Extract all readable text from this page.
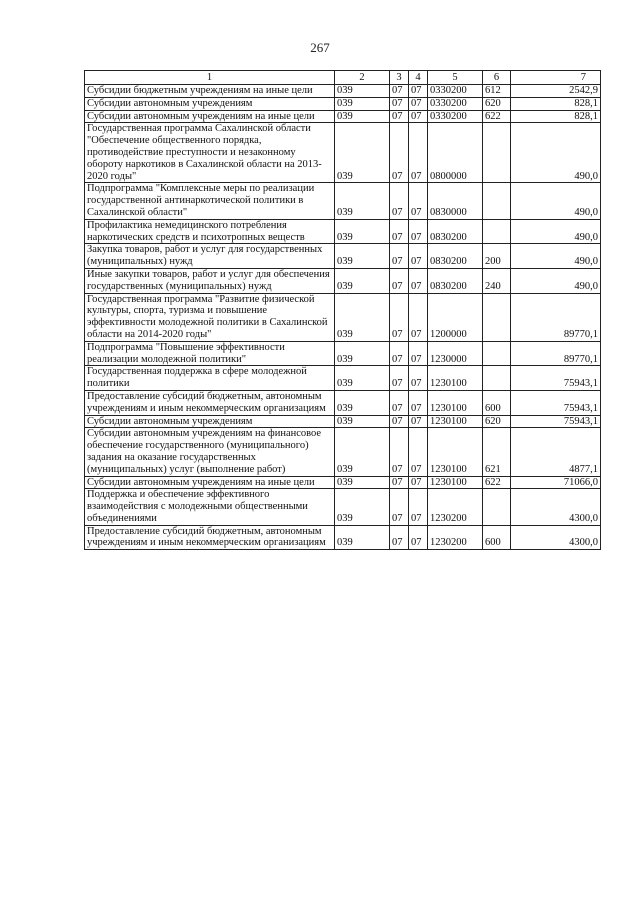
267
1	2	3	4	5	6	7
Субсидии бюджетным учреждениям на иные цели	039	07	07	0330200	612	2542,9
Субсидии автономным учреждениям	039	07	07	0330200	620	828,1
Субсидии автономным учреждениям на иные цели	039	07	07	0330200	622	828,1
Государственная программа Сахалинской области "Обеспечение общественного порядка, противодействие преступности и незаконному обороту наркотиков в Сахалинской области на 2013-2020 годы"	039	07	07	0800000		490,0
Подпрограмма "Комплексные меры по реализации государственной антинаркотической политики в Сахалинской области"	039	07	07	0830000		490,0
Профилактика немедицинского потребления наркотических средств и психотропных веществ	039	07	07	0830200		490,0
Закупка товаров, работ и услуг для государственных (муниципальных) нужд	039	07	07	0830200	200	490,0
Иные закупки товаров, работ и услуг для обеспечения государственных (муниципальных) нужд	039	07	07	0830200	240	490,0
Государственная программа "Развитие физической культуры, спорта, туризма и повышение эффективности молодежной политики в Сахалинской области на 2014-2020 годы"	039	07	07	1200000		89770,1
Подпрограмма "Повышение эффективности реализации молодежной политики"	039	07	07	1230000		89770,1
Государственная поддержка в сфере молодежной политики	039	07	07	1230100		75943,1
Предоставление субсидий бюджетным, автономным учреждениям и иным некоммерческим организациям	039	07	07	1230100	600	75943,1
Субсидии автономным учреждениям	039	07	07	1230100	620	75943,1
Субсидии автономным учреждениям на финансовое обеспечение государственного (муниципального) задания на оказание государственных (муниципальных) услуг (выполнение работ)	039	07	07	1230100	621	4877,1
Субсидии автономным учреждениям на иные цели	039	07	07	1230100	622	71066,0
Поддержка и обеспечение эффективного взаимодействия с молодежными общественными объединениями	039	07	07	1230200		4300,0
Предоставление субсидий бюджетным, автономным учреждениям и иным некоммерческим организациям	039	07	07	1230200	600	4300,0
